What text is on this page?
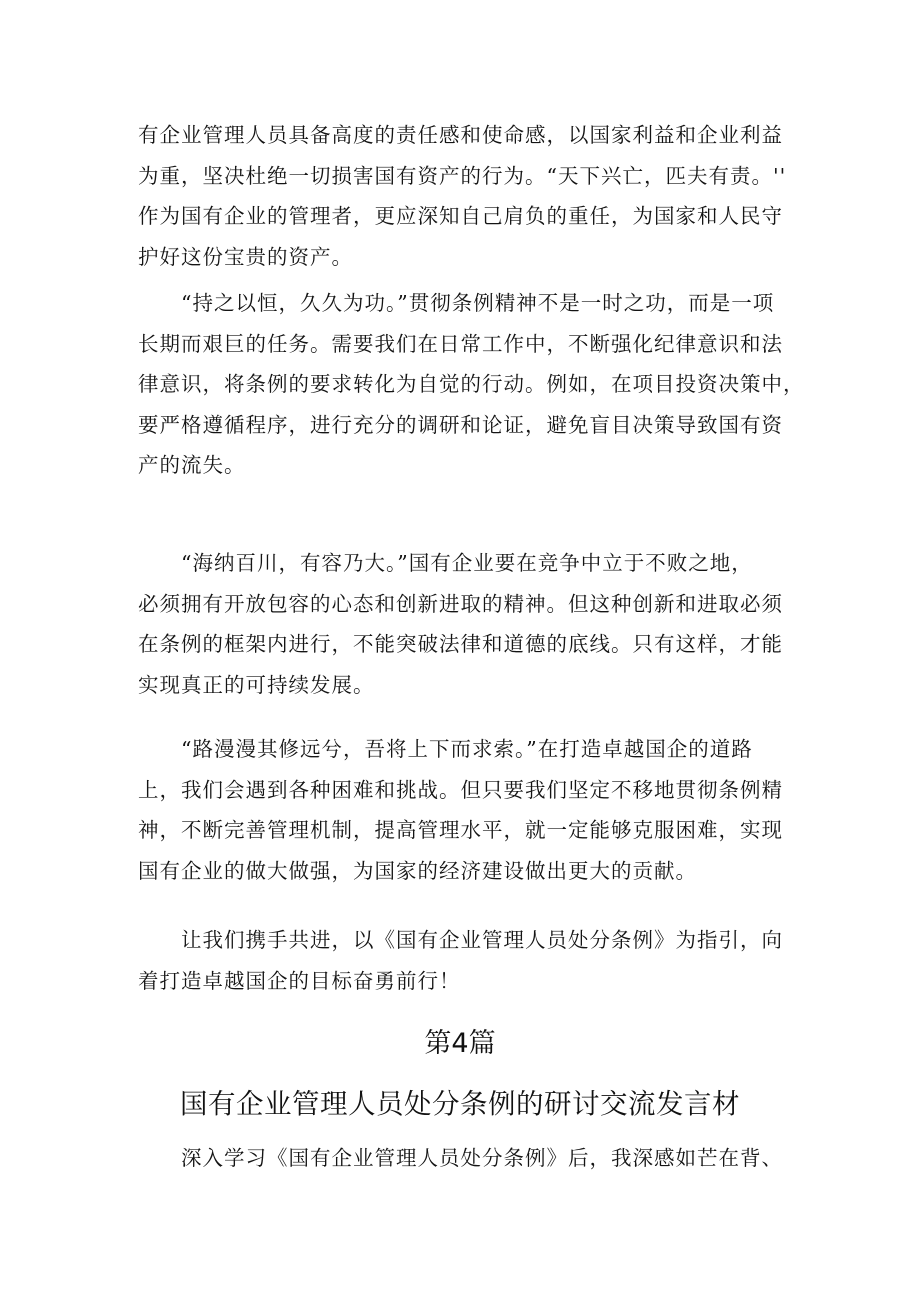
有企业管理人员具备高度的责任感和使命感，以国家利益和企业利益
为重，坚决杜绝一切损害国有资产的行为。“天下兴亡，匹夫有责。''
作为国有企业的管理者，更应深知自己肩负的重任，为国家和人民守
护好这份宝贵的资产。

　　“持之以恒，久久为功。”贯彻条例精神不是一时之功，而是一项
长期而艰巨的任务。需要我们在日常工作中，不断强化纪律意识和法
律意识，将条例的要求转化为自觉的行动。例如，在项目投资决策中，
要严格遵循程序，进行充分的调研和论证，避免盲目决策导致国有资
产的流失。

　　“海纳百川，有容乃大。”国有企业要在竞争中立于不败之地，
必须拥有开放包容的心态和创新进取的精神。但这种创新和进取必须
在条例的框架内进行，不能突破法律和道德的底线。只有这样，才能
实现真正的可持续发展。

　　“路漫漫其修远兮，吾将上下而求索。”在打造卓越国企的道路
上，我们会遇到各种困难和挑战。但只要我们坚定不移地贯彻条例精
神，不断完善管理机制，提高管理水平，就一定能够克服困难，实现
国有企业的做大做强，为国家的经济建设做出更大的贡献。

　　让我们携手共进，以《国有企业管理人员处分条例》为指引，向
着打造卓越国企的目标奋勇前行！

第4篇
国有企业管理人员处分条例的研讨交流发言材

　　深入学习《国有企业管理人员处分条例》后，我深感如芒在背、
